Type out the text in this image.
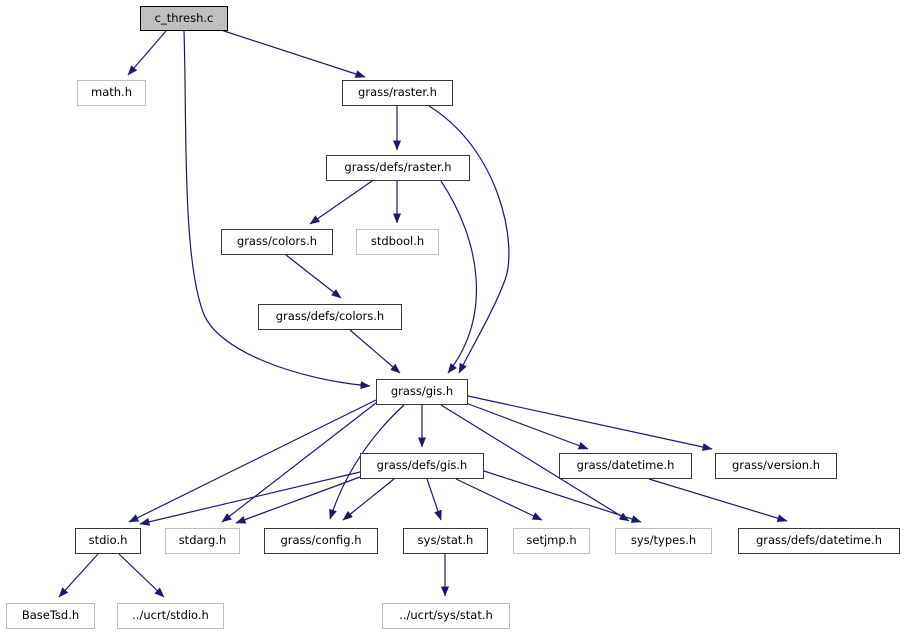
c_thresh.c
math.h	grass/raster.h
grass/defs/raster.h
grass/colors.h	stdbool.h
grass/defs/colors.h
grass/gis.h
grass/defs/gis.h	grass/datetime.h	grass/version.h
stdio.h	stdarg.h	grass/config.h	sys/stat.h	setjmp.h	sys/types.h	grass/defs/datetime.h
BaseTsd.h	../ucrt/stdio.h	../ucrt/sys/stat.h
